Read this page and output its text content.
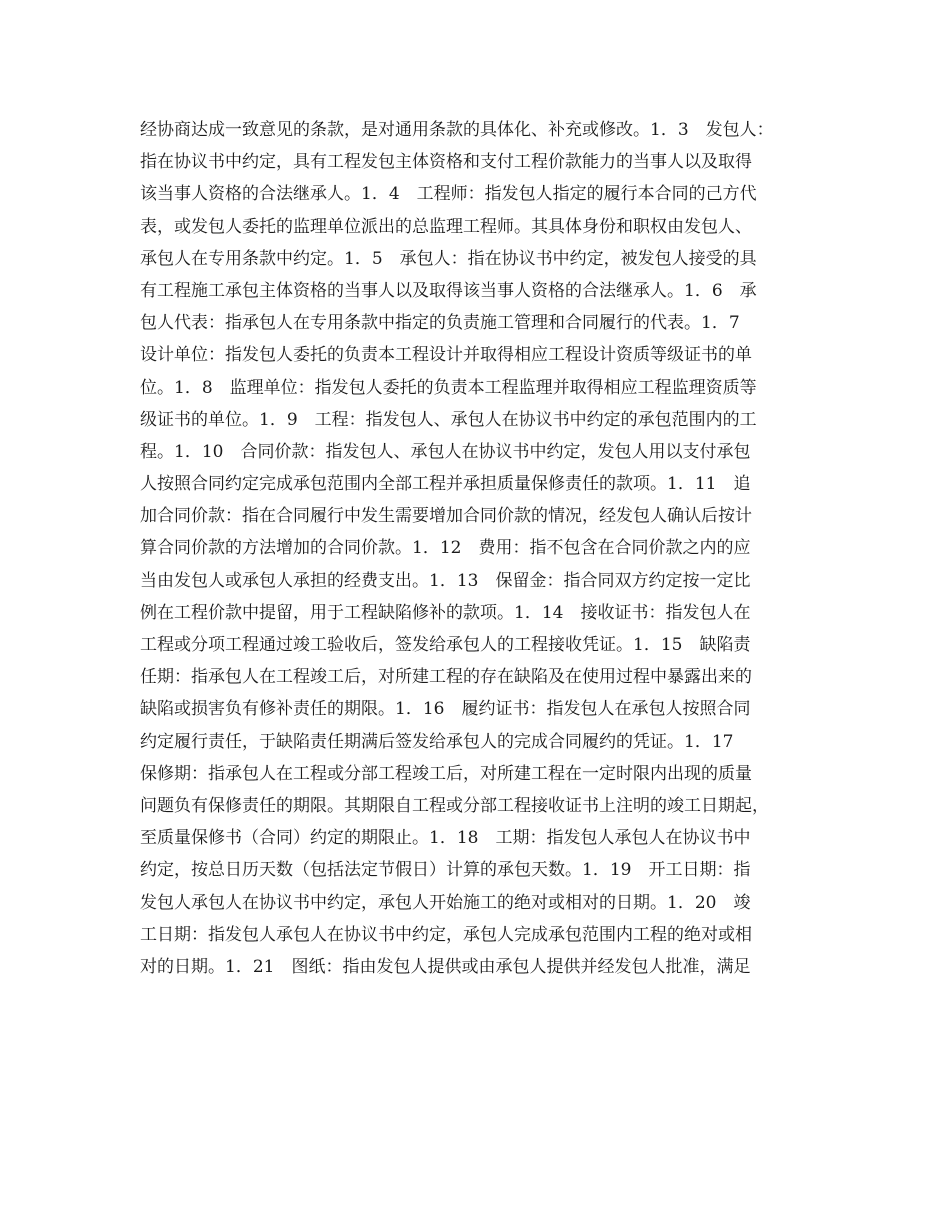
经协商达成一致意见的条款，是对通用条款的具体化、补充或修改。1．3　发包人：
指在协议书中约定，具有工程发包主体资格和支付工程价款能力的当事人以及取得
该当事人资格的合法继承人。1．4　工程师：指发包人指定的履行本合同的己方代
表，或发包人委托的监理单位派出的总监理工程师。其具体身份和职权由发包人、
承包人在专用条款中约定。1．5　承包人：指在协议书中约定，被发包人接受的具
有工程施工承包主体资格的当事人以及取得该当事人资格的合法继承人。1．6　承
包人代表：指承包人在专用条款中指定的负责施工管理和合同履行的代表。1．7　
设计单位：指发包人委托的负责本工程设计并取得相应工程设计资质等级证书的单
位。1．8　监理单位：指发包人委托的负责本工程监理并取得相应工程监理资质等
级证书的单位。1．9　工程：指发包人、承包人在协议书中约定的承包范围内的工
程。1．10　合同价款：指发包人、承包人在协议书中约定，发包人用以支付承包
人按照合同约定完成承包范围内全部工程并承担质量保修责任的款项。1．11　追
加合同价款：指在合同履行中发生需要增加合同价款的情况，经发包人确认后按计
算合同价款的方法增加的合同价款。1．12　费用：指不包含在合同价款之内的应
当由发包人或承包人承担的经费支出。1．13　保留金：指合同双方约定按一定比
例在工程价款中提留，用于工程缺陷修补的款项。1．14　接收证书：指发包人在
工程或分项工程通过竣工验收后，签发给承包人的工程接收凭证。1．15　缺陷责
任期：指承包人在工程竣工后，对所建工程的存在缺陷及在使用过程中暴露出来的
缺陷或损害负有修补责任的期限。1．16　履约证书：指发包人在承包人按照合同
约定履行责任，于缺陷责任期满后签发给承包人的完成合同履约的凭证。1．17　
保修期：指承包人在工程或分部工程竣工后，对所建工程在一定时限内出现的质量
问题负有保修责任的期限。其期限自工程或分部工程接收证书上注明的竣工日期起，
至质量保修书（合同）约定的期限止。1．18　工期：指发包人承包人在协议书中
约定，按总日历天数（包括法定节假日）计算的承包天数。1．19　开工日期：指
发包人承包人在协议书中约定，承包人开始施工的绝对或相对的日期。1．20　竣
工日期：指发包人承包人在协议书中约定，承包人完成承包范围内工程的绝对或相
对的日期。1．21　图纸：指由发包人提供或由承包人提供并经发包人批准，满足
